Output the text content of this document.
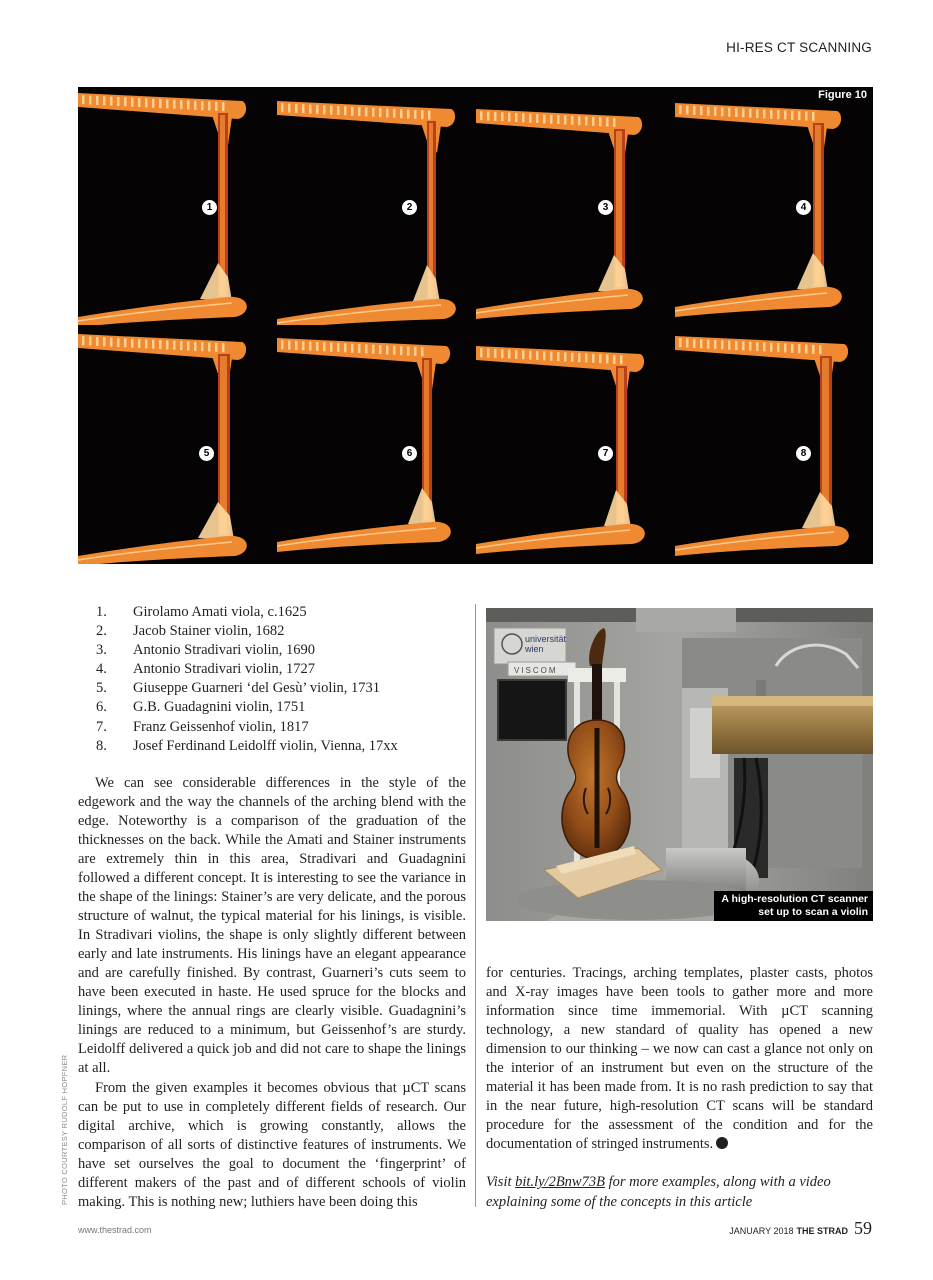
HI-RES CT SCANNING
Figure 10
1	2	3	4
5	6	7	8
1.	Girolamo Amati viola, c.1625
2.	Jacob Stainer violin, 1682
3.	Antonio Stradivari violin, 1690
4.	Antonio Stradivari violin, 1727
5.	Giuseppe Guarneri ‘del Gesù’ violin, 1731
6.	G.B. Guadagnini violin, 1751
7.	Franz Geissenhof violin, 1817
8.	Josef Ferdinand Leidolff violin, Vienna, 17xx

We can see considerable differences in the style of the edgework and the way the channels of the arching blend with the edge. Noteworthy is a comparison of the graduation of the thicknesses on the back. While the Amati and Stainer instruments are extremely thin in this area, Stradivari and Guadagnini followed a different concept. It is interesting to see the variance in the shape of the linings: Stainer’s are very delicate, and the porous structure of walnut, the typical material for his linings, is visible. In Stradivari violins, the shape is only slightly different between early and late instruments. His linings have an elegant appearance and are carefully finished. By contrast, Guarneri’s cuts seem to have been executed in haste. He used spruce for the blocks and linings, where the annual rings are clearly visible. Guadagnini’s linings are reduced to a minimum, but Geissenhof’s are sturdy. Leidolff delivered a quick job and did not care to shape the linings at all.

From the given examples it becomes obvious that µCT scans can be put to use in completely different fields of research. Our digital archive, which is growing constantly, allows the comparison of all sorts of distinctive features of instruments. We have set ourselves the goal to document the ‘fingerprint’ of different makers of the past and of different schools of violin making. This is nothing new; luthiers have been doing this

universität
wien
VISCOM
A high-resolution CT scanner
set up to scan a violin
for centuries. Tracings, arching templates, plaster casts, photos and X-ray images have been tools to gather more and more information since time immemorial. With µCT scanning technology, a new standard of quality has opened a new dimension to our thinking – we now can cast a glance not only on the interior of an instrument but even on the structure of the material it has been made from. It is no rash prediction to say that in the near future, high-resolution CT scans will be standard procedure for the assessment of the condition and for the documentation of stringed instruments.

Visit bit.ly/2Bnw73B for more examples, along with a video explaining some of the concepts in this article

PHOTO COURTESY RUDOLF HOPFNER
www.thestrad.com	JANUARY 2018 THE STRAD 59
